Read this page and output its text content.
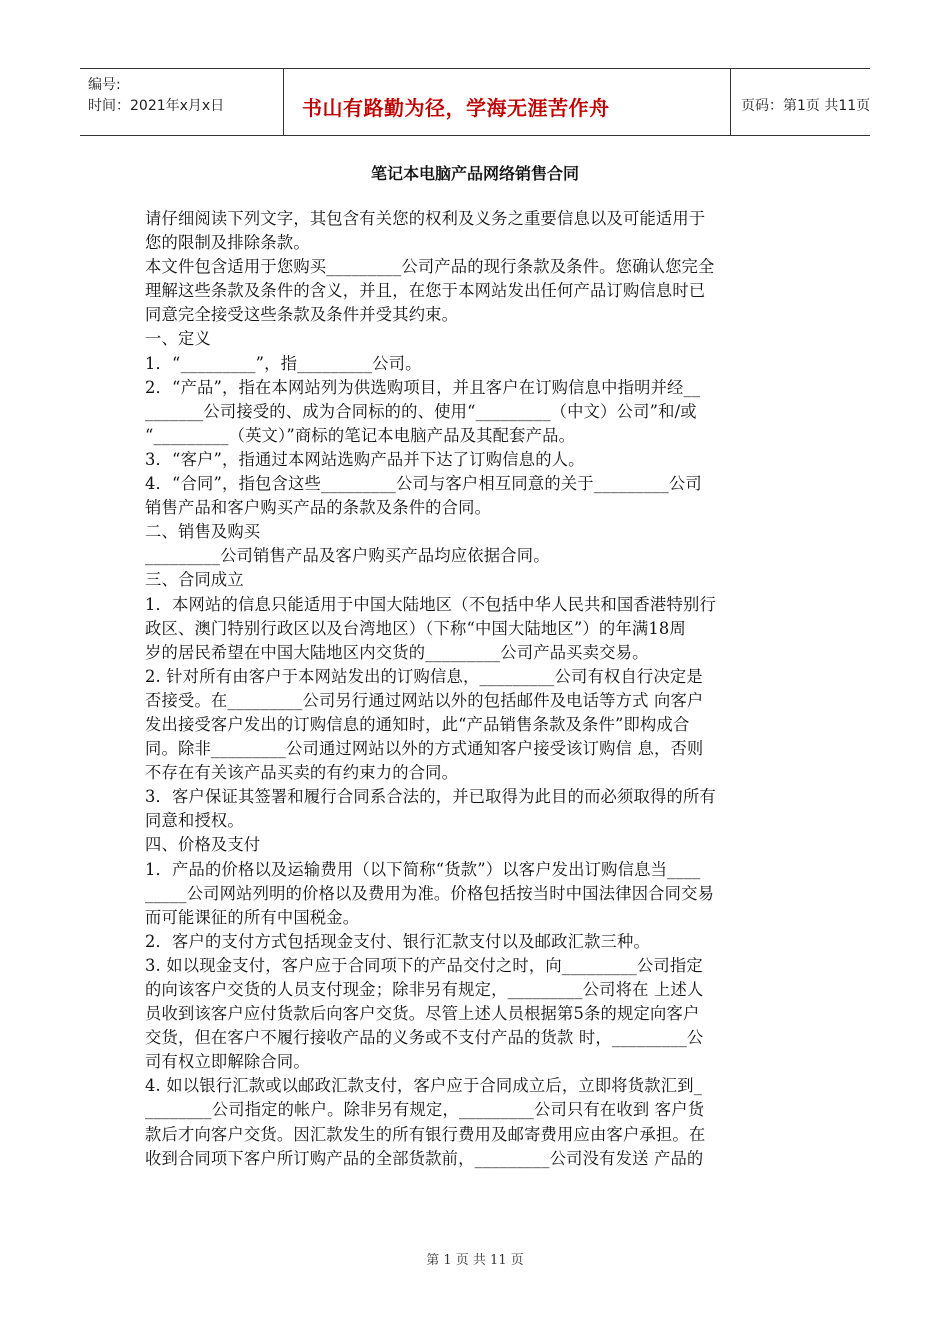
编号:
时间：2021年x月x日	书山有路勤为径，学海无涯苦作舟	页码：第1页 共11页
笔记本电脑产品网络销售合同

请仔细阅读下列文字，其包含有关您的权利及义务之重要信息以及可能适用于

您的限制及排除条款。

本文件包含适用于您购买_________公司产品的现行条款及条件。您确认您完全

理解这些条款及条件的含义，并且，在您于本网站发出任何产品订购信息时已

同意完全接受这些条款及条件并受其约束。

一、定义

1．“_________”，指_________公司。

2．“产品”，指在本网站列为供选购项目，并且客户在订购信息中指明并经__

_______公司接受的、成为合同标的的、使用“_________（中文）公司”和/或

“_________（英文）”商标的笔记本电脑产品及其配套产品。

3．“客户”，指通过本网站选购产品并下达了订购信息的人。

4．“合同”，指包含这些_________公司与客户相互同意的关于_________公司

销售产品和客户购买产品的条款及条件的合同。

二、销售及购买

_________公司销售产品及客户购买产品均应依据合同。

三、合同成立

1．本网站的信息只能适用于中国大陆地区（不包括中华人民共和国香港特别行

政区、澳门特别行政区以及台湾地区）（下称“中国大陆地区”）的年满18周

岁的居民希望在中国大陆地区内交货的_________公司产品买卖交易。

2. 针对所有由客户于本网站发出的订购信息，_________公司有权自行决定是

否接受。在_________公司另行通过网站以外的包括邮件及电话等方式 向客户

发出接受客户发出的订购信息的通知时，此“产品销售条款及条件”即构成合

同。除非_________公司通过网站以外的方式通知客户接受该订购信 息，否则

不存在有关该产品买卖的有约束力的合同。

3．客户保证其签署和履行合同系合法的，并已取得为此目的而必须取得的所有

同意和授权。

四、价格及支付

1．产品的价格以及运输费用（以下简称“货款”）以客户发出订购信息当____

_____公司网站列明的价格以及费用为准。价格包括按当时中国法律因合同交易

而可能课征的所有中国税金。

2．客户的支付方式包括现金支付、银行汇款支付以及邮政汇款三种。

3. 如以现金支付，客户应于合同项下的产品交付之时，向_________公司指定

的向该客户交货的人员支付现金；除非另有规定，_________公司将在 上述人

员收到该客户应付货款后向客户交货。尽管上述人员根据第5条的规定向客户

交货，但在客户不履行接收产品的义务或不支付产品的货款 时，_________公

司有权立即解除合同。

4. 如以银行汇款或以邮政汇款支付，客户应于合同成立后，立即将货款汇到_

________公司指定的帐户。除非另有规定，_________公司只有在收到 客户货

款后才向客户交货。因汇款发生的所有银行费用及邮寄费用应由客户承担。在

收到合同项下客户所订购产品的全部货款前，_________公司没有发送 产品的

第 1 页 共 11 页
